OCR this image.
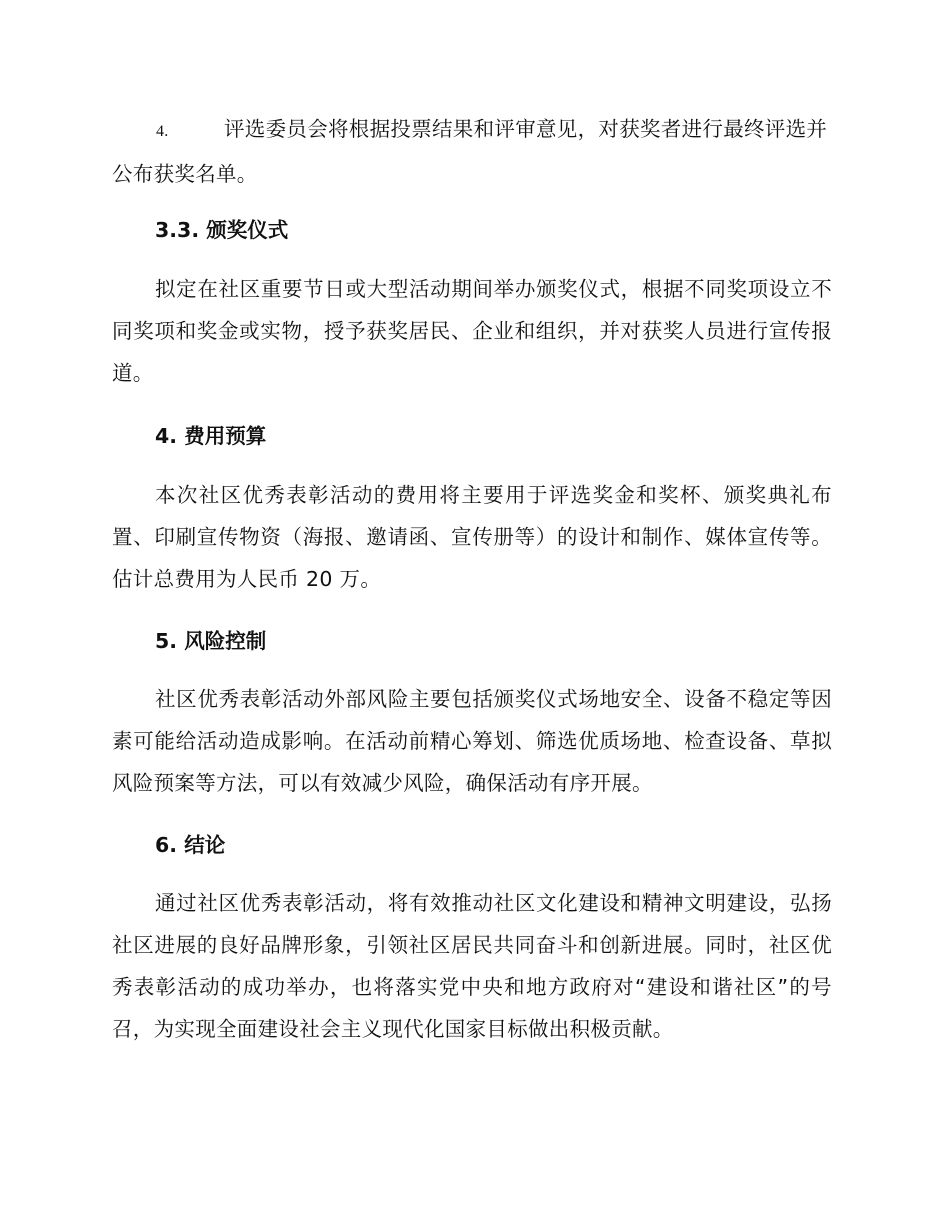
4.	评选委员会将根据投票结果和评审意见，对获奖者进行最终评选并公布获奖名单。
3.3. 颁奖仪式
拟定在社区重要节日或大型活动期间举办颁奖仪式，根据不同奖项设立不同奖项和奖金或实物，授予获奖居民、企业和组织，并对获奖人员进行宣传报道。
4. 费用预算
本次社区优秀表彰活动的费用将主要用于评选奖金和奖杯、颁奖典礼布置、印刷宣传物资（海报、邀请函、宣传册等）的设计和制作、媒体宣传等。估计总费用为人民币 20 万。
5. 风险控制
社区优秀表彰活动外部风险主要包括颁奖仪式场地安全、设备不稳定等因素可能给活动造成影响。在活动前精心筹划、筛选优质场地、检查设备、草拟风险预案等方法，可以有效减少风险，确保活动有序开展。
6. 结论
通过社区优秀表彰活动，将有效推动社区文化建设和精神文明建设，弘扬社区进展的良好品牌形象，引领社区居民共同奋斗和创新进展。同时，社区优秀表彰活动的成功举办，也将落实党中央和地方政府对“建设和谐社区”的号召，为实现全面建设社会主义现代化国家目标做出积极贡献。
